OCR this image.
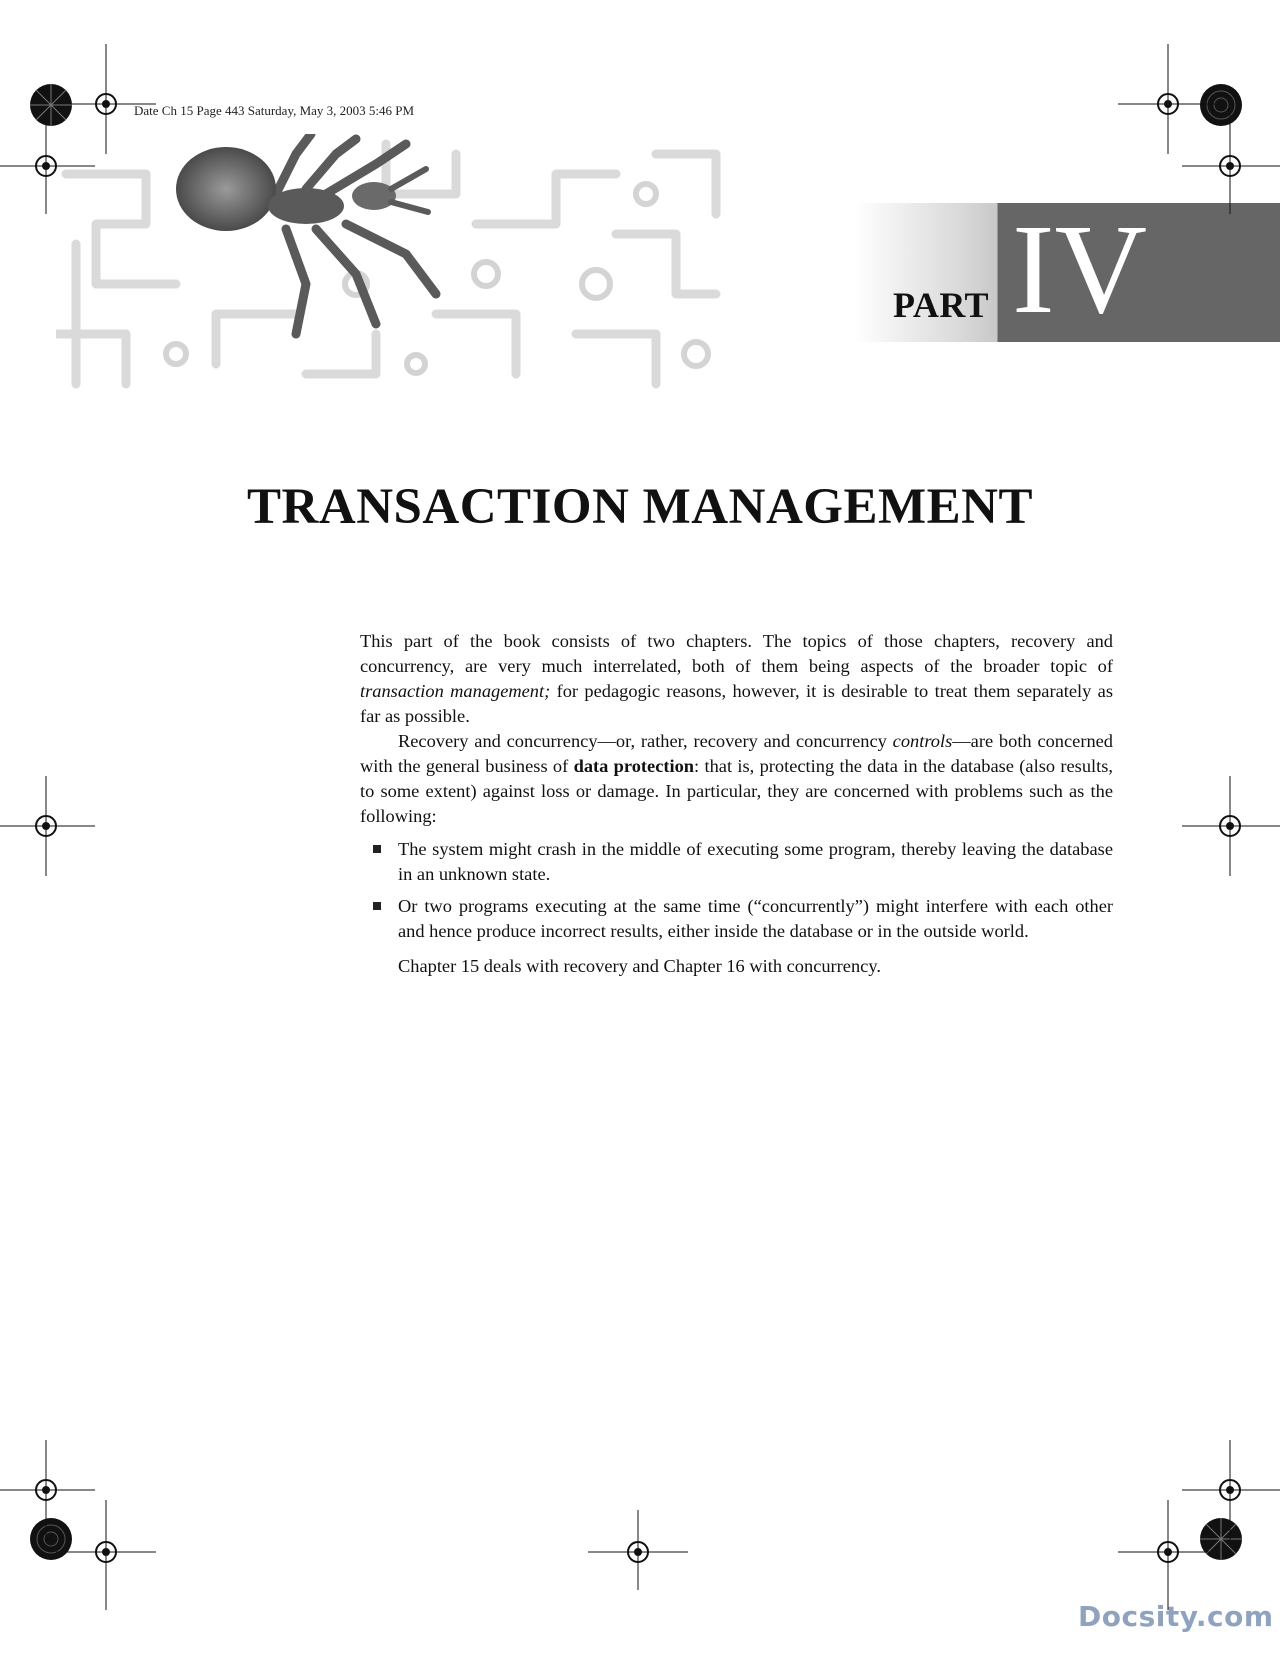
Date Ch 15 Page 443 Saturday, May 3, 2003 5:46 PM
PART IV
TRANSACTION MANAGEMENT

This part of the book consists of two chapters. The topics of those chapters, recovery and concurrency, are very much interrelated, both of them being aspects of the broader topic of transaction management; for pedagogic reasons, however, it is desirable to treat them separately as far as possible.

Recovery and concurrency—or, rather, recovery and concurrency controls—are both concerned with the general business of data protection: that is, protecting the data in the database (also results, to some extent) against loss or damage. In particular, they are concerned with problems such as the following:

The system might crash in the middle of executing some program, thereby leaving the database in an unknown state.
Or two programs executing at the same time (“concurrently”) might interfere with each other and hence produce incorrect results, either inside the database or in the outside world.

Chapter 15 deals with recovery and Chapter 16 with concurrency.

Docsity.com
